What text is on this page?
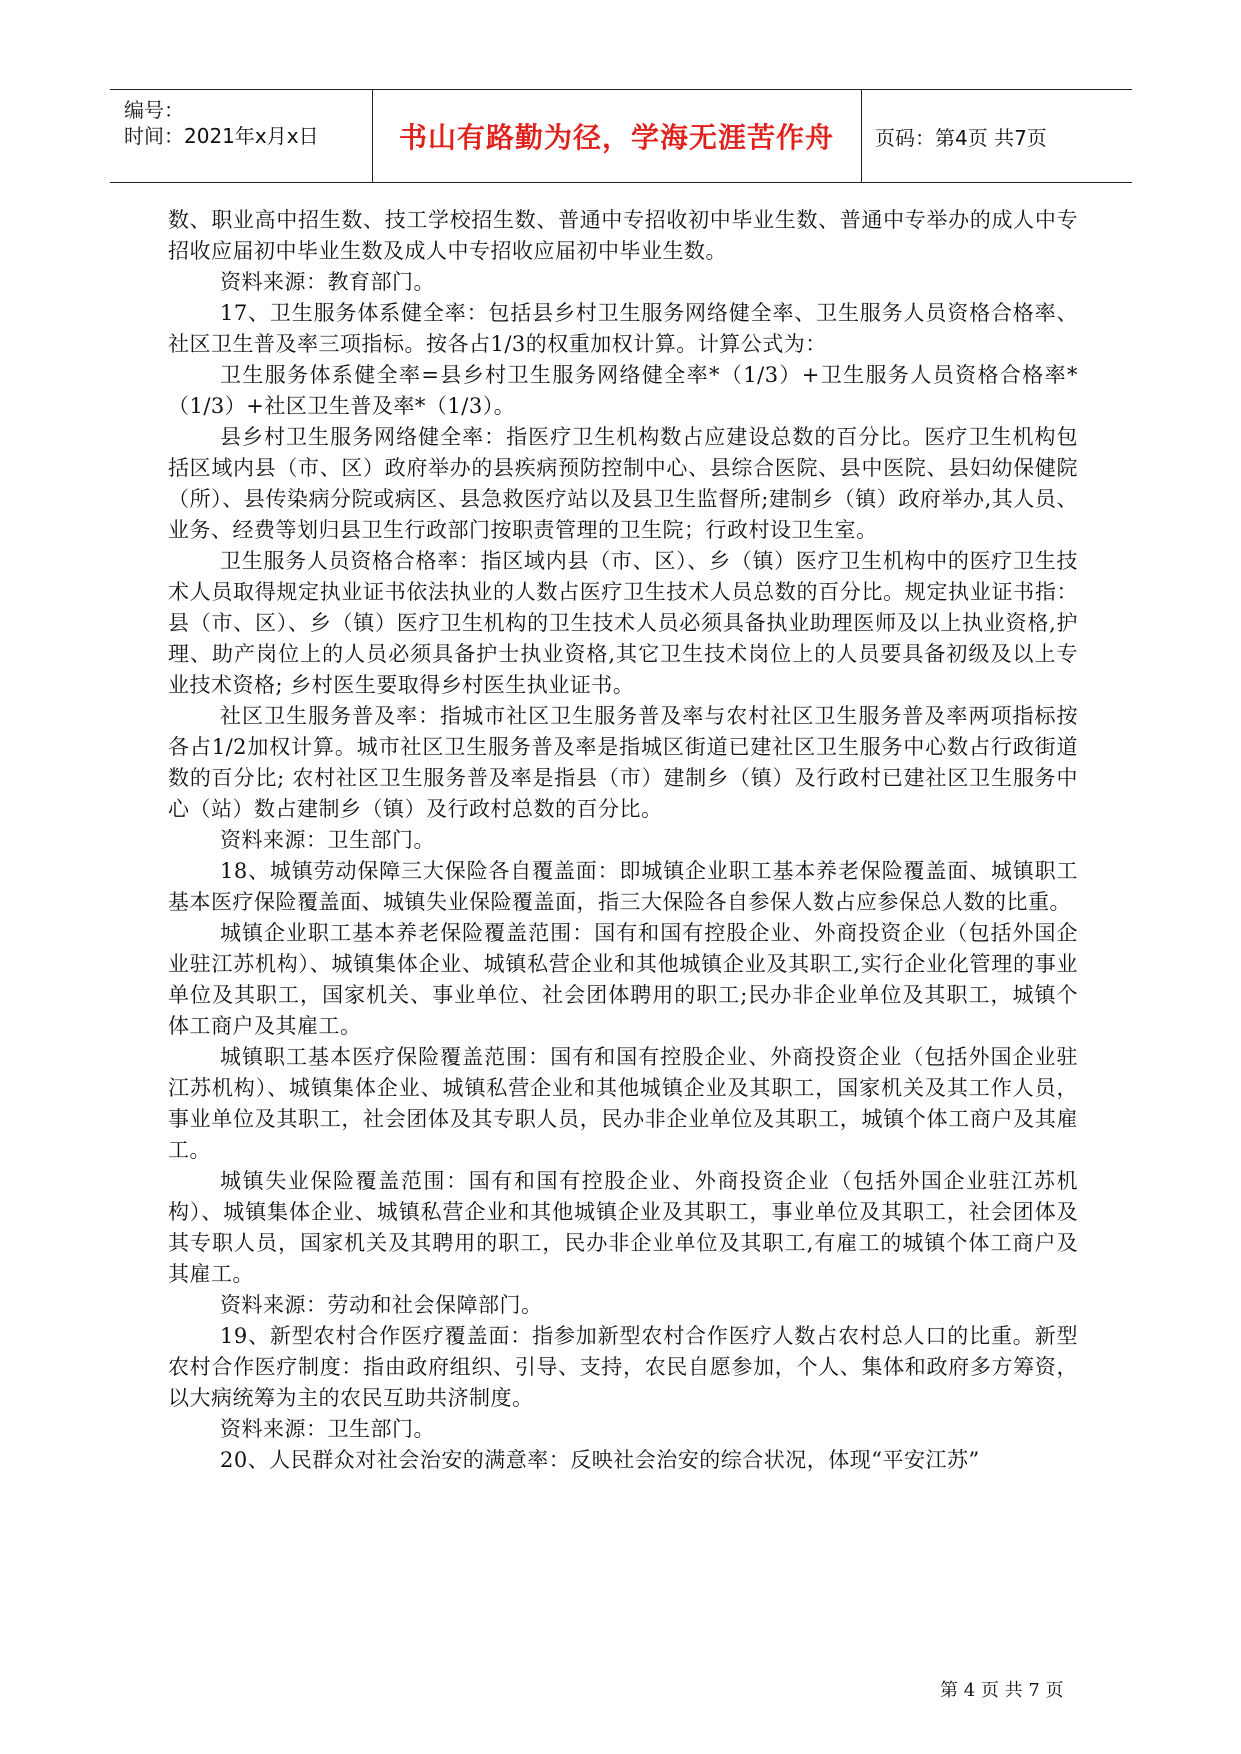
编号：
时间：2021年x月x日	书山有路勤为径，学海无涯苦作舟 页码：第4页 共7页

数、职业高中招生数、技工学校招生数、普通中专招收初中毕业生数、普通中专举办的成人中专招收应届初中毕业生数及成人中专招收应届初中毕业生数。

资料来源：教育部门。

17、卫生服务体系健全率：包括县乡村卫生服务网络健全率、卫生服务人员资格合格率、社区卫生普及率三项指标。按各占1/3的权重加权计算。计算公式为：

卫生服务体系健全率=县乡村卫生服务网络健全率*（1/3）+卫生服务人员资格合格率*（1/3）+社区卫生普及率*（1/3）。

县乡村卫生服务网络健全率：指医疗卫生机构数占应建设总数的百分比。医疗卫生机构包括区域内县（市、区）政府举办的县疾病预防控制中心、县综合医院、县中医院、县妇幼保健院（所）、县传染病分院或病区、县急救医疗站以及县卫生监督所;建制乡（镇）政府举办,其人员、业务、经费等划归县卫生行政部门按职责管理的卫生院；行政村设卫生室。

卫生服务人员资格合格率：指区域内县（市、区）、乡（镇）医疗卫生机构中的医疗卫生技术人员取得规定执业证书依法执业的人数占医疗卫生技术人员总数的百分比。规定执业证书指：县（市、区）、乡（镇）医疗卫生机构的卫生技术人员必须具备执业助理医师及以上执业资格,护理、助产岗位上的人员必须具备护士执业资格,其它卫生技术岗位上的人员要具备初级及以上专业技术资格; 乡村医生要取得乡村医生执业证书。

社区卫生服务普及率：指城市社区卫生服务普及率与农村社区卫生服务普及率两项指标按各占1/2加权计算。城市社区卫生服务普及率是指城区街道已建社区卫生服务中心数占行政街道数的百分比; 农村社区卫生服务普及率是指县（市）建制乡（镇）及行政村已建社区卫生服务中心（站）数占建制乡（镇）及行政村总数的百分比。

资料来源：卫生部门。

18、城镇劳动保障三大保险各自覆盖面：即城镇企业职工基本养老保险覆盖面、城镇职工基本医疗保险覆盖面、城镇失业保险覆盖面，指三大保险各自参保人数占应参保总人数的比重。

城镇企业职工基本养老保险覆盖范围：国有和国有控股企业、外商投资企业（包括外国企业驻江苏机构）、城镇集体企业、城镇私营企业和其他城镇企业及其职工,实行企业化管理的事业单位及其职工，国家机关、事业单位、社会团体聘用的职工;民办非企业单位及其职工，城镇个体工商户及其雇工。

城镇职工基本医疗保险覆盖范围：国有和国有控股企业、外商投资企业（包括外国企业驻江苏机构）、城镇集体企业、城镇私营企业和其他城镇企业及其职工，国家机关及其工作人员，事业单位及其职工，社会团体及其专职人员，民办非企业单位及其职工，城镇个体工商户及其雇工。

城镇失业保险覆盖范围：国有和国有控股企业、外商投资企业（包括外国企业驻江苏机构）、城镇集体企业、城镇私营企业和其他城镇企业及其职工，事业单位及其职工，社会团体及其专职人员，国家机关及其聘用的职工，民办非企业单位及其职工,有雇工的城镇个体工商户及其雇工。

资料来源：劳动和社会保障部门。

19、新型农村合作医疗覆盖面：指参加新型农村合作医疗人数占农村总人口的比重。新型农村合作医疗制度：指由政府组织、引导、支持，农民自愿参加，个人、集体和政府多方筹资，以大病统筹为主的农民互助共济制度。

资料来源：卫生部门。

20、人民群众对社会治安的满意率：反映社会治安的综合状况，体现“平安江苏”

第 4 页 共 7 页
